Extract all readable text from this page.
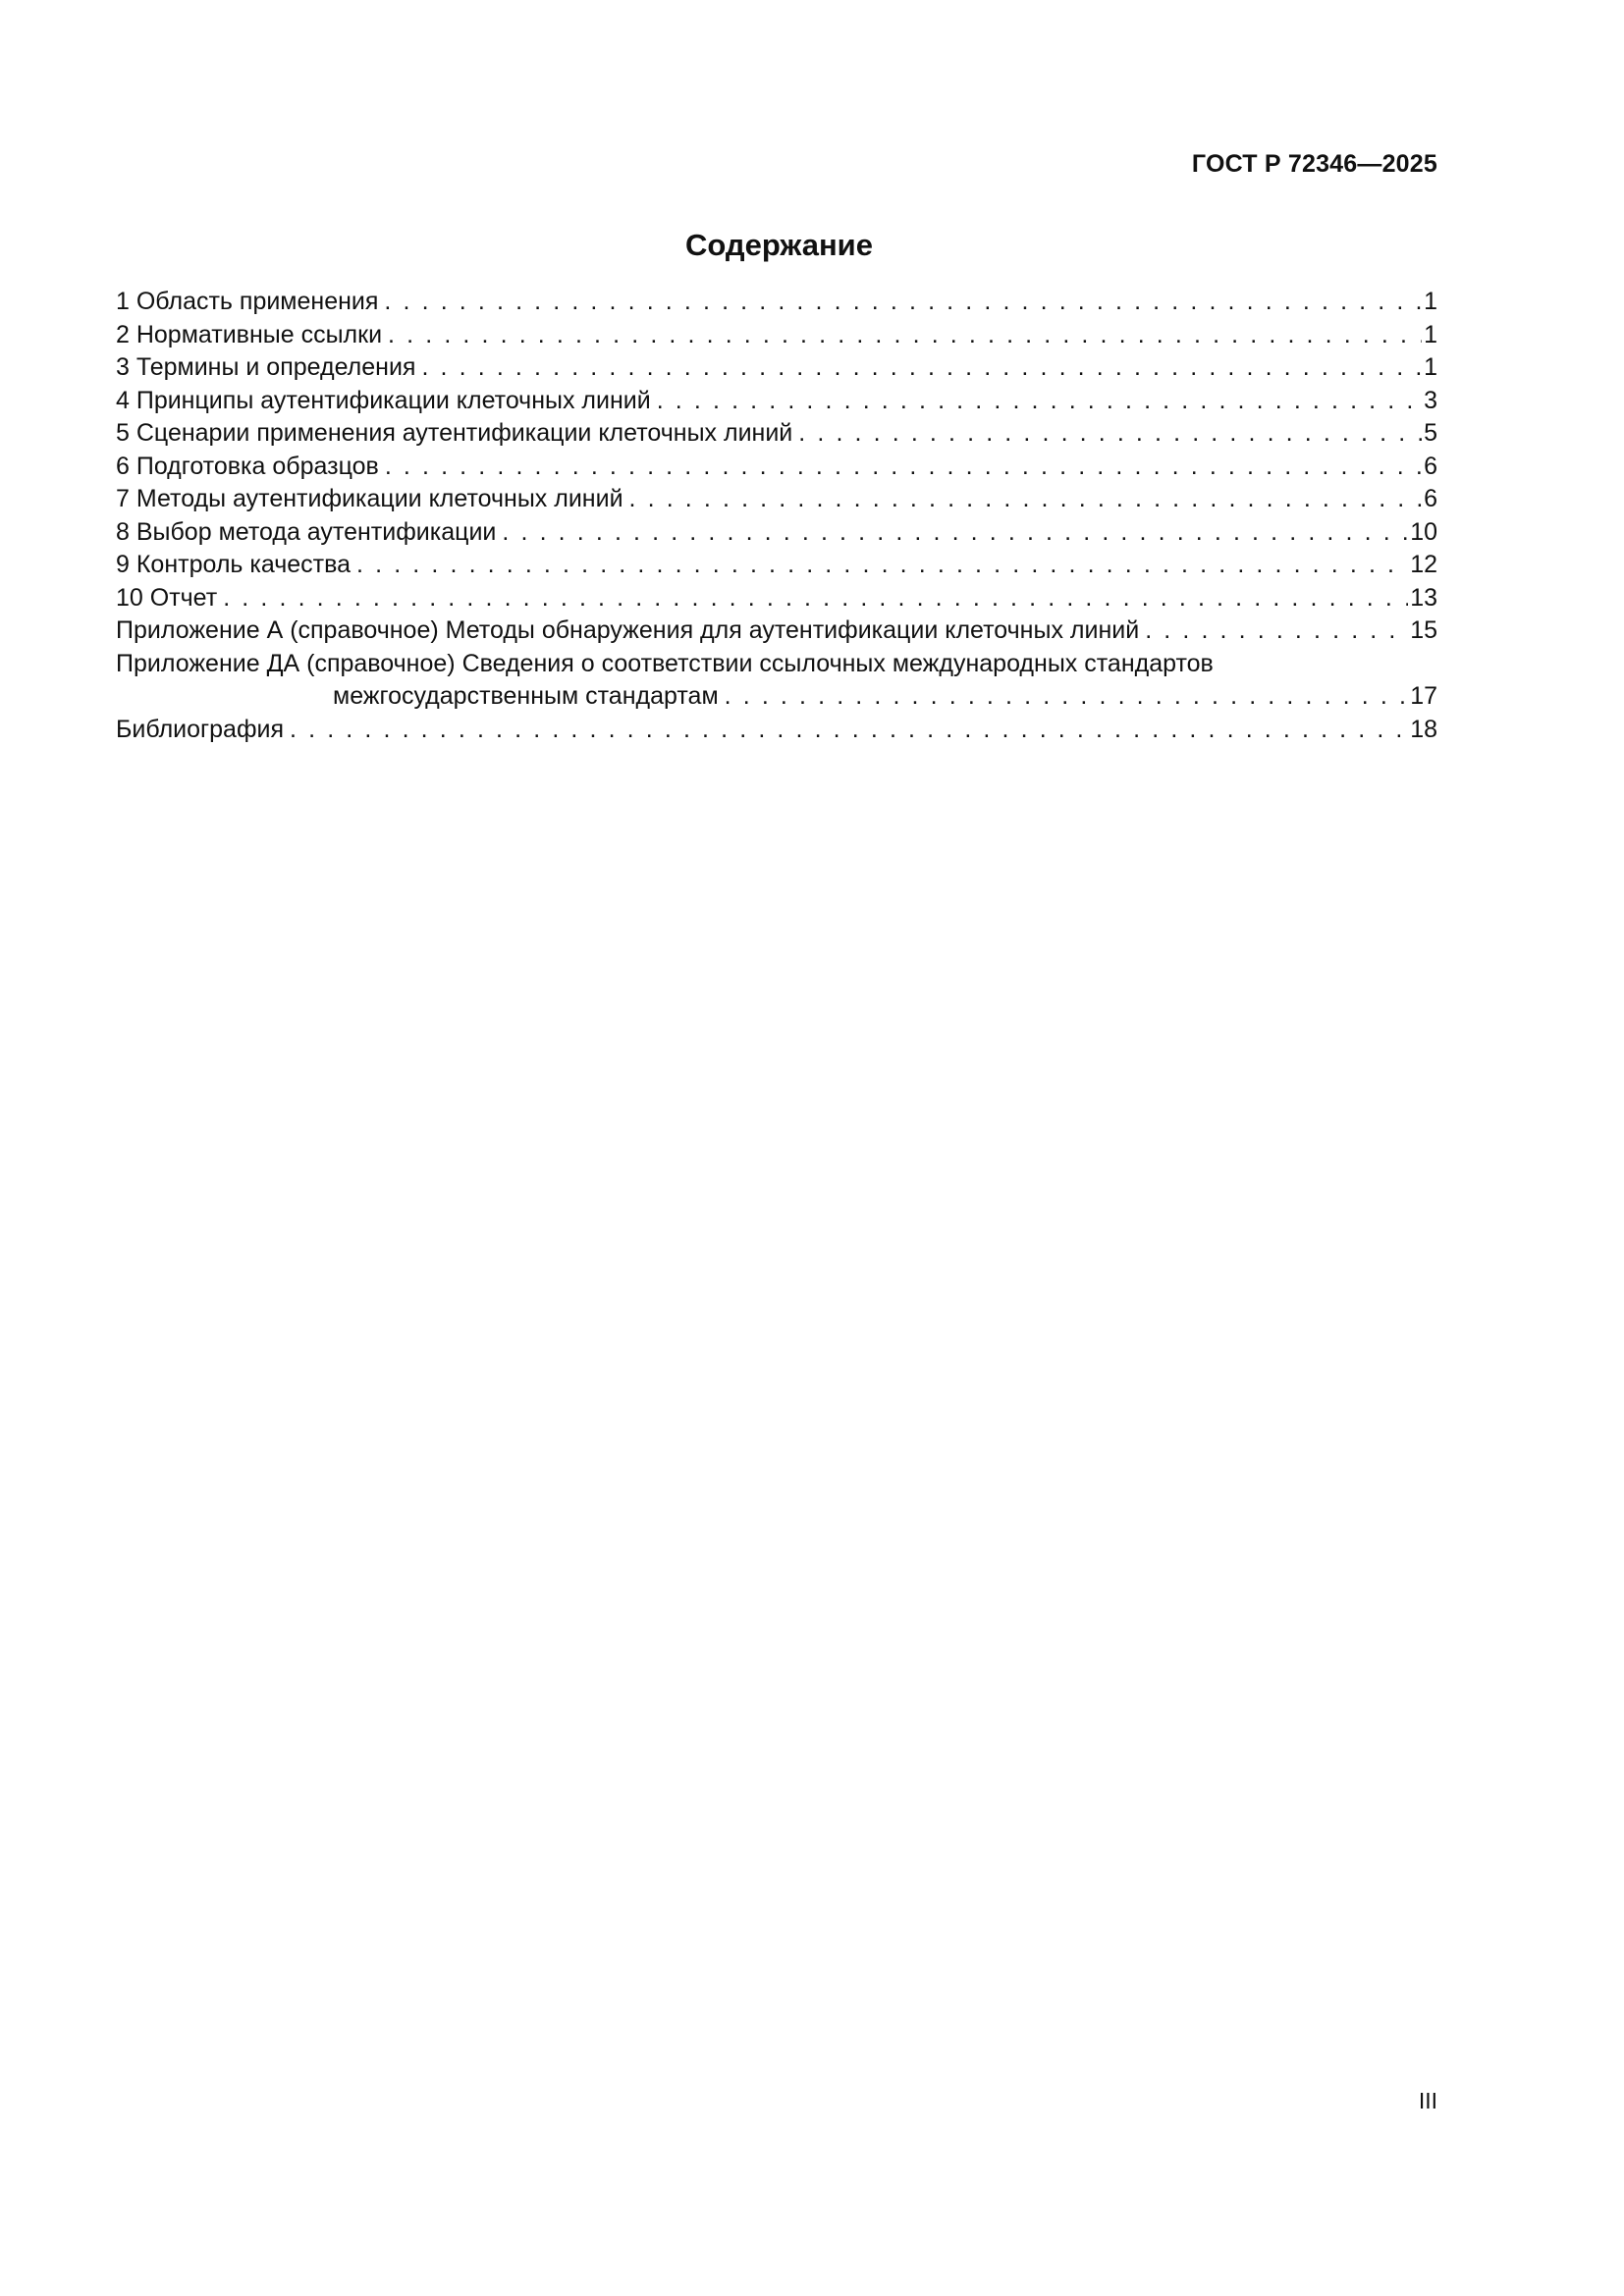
ГОСТ Р 72346—2025
Содержание
1 Область применения . . .	1
2 Нормативные ссылки . . .	1
3 Термины и определения . . .	1
4 Принципы аутентификации клеточных линий . . .	3
5 Сценарии применения аутентификации клеточных линий . . .	5
6 Подготовка образцов . . .	6
7 Методы аутентификации клеточных линий . . .	6
8 Выбор метода аутентификации . . .	10
9 Контроль качества . . .	12
10 Отчет . . .	13
Приложение А (справочное) Методы обнаружения для аутентификации клеточных линий . . .	15
Приложение ДА (справочное) Сведения о соответствии ссылочных международных стандартов
межгосударственным стандартам . . .	17
Библиография . . .	18
III
